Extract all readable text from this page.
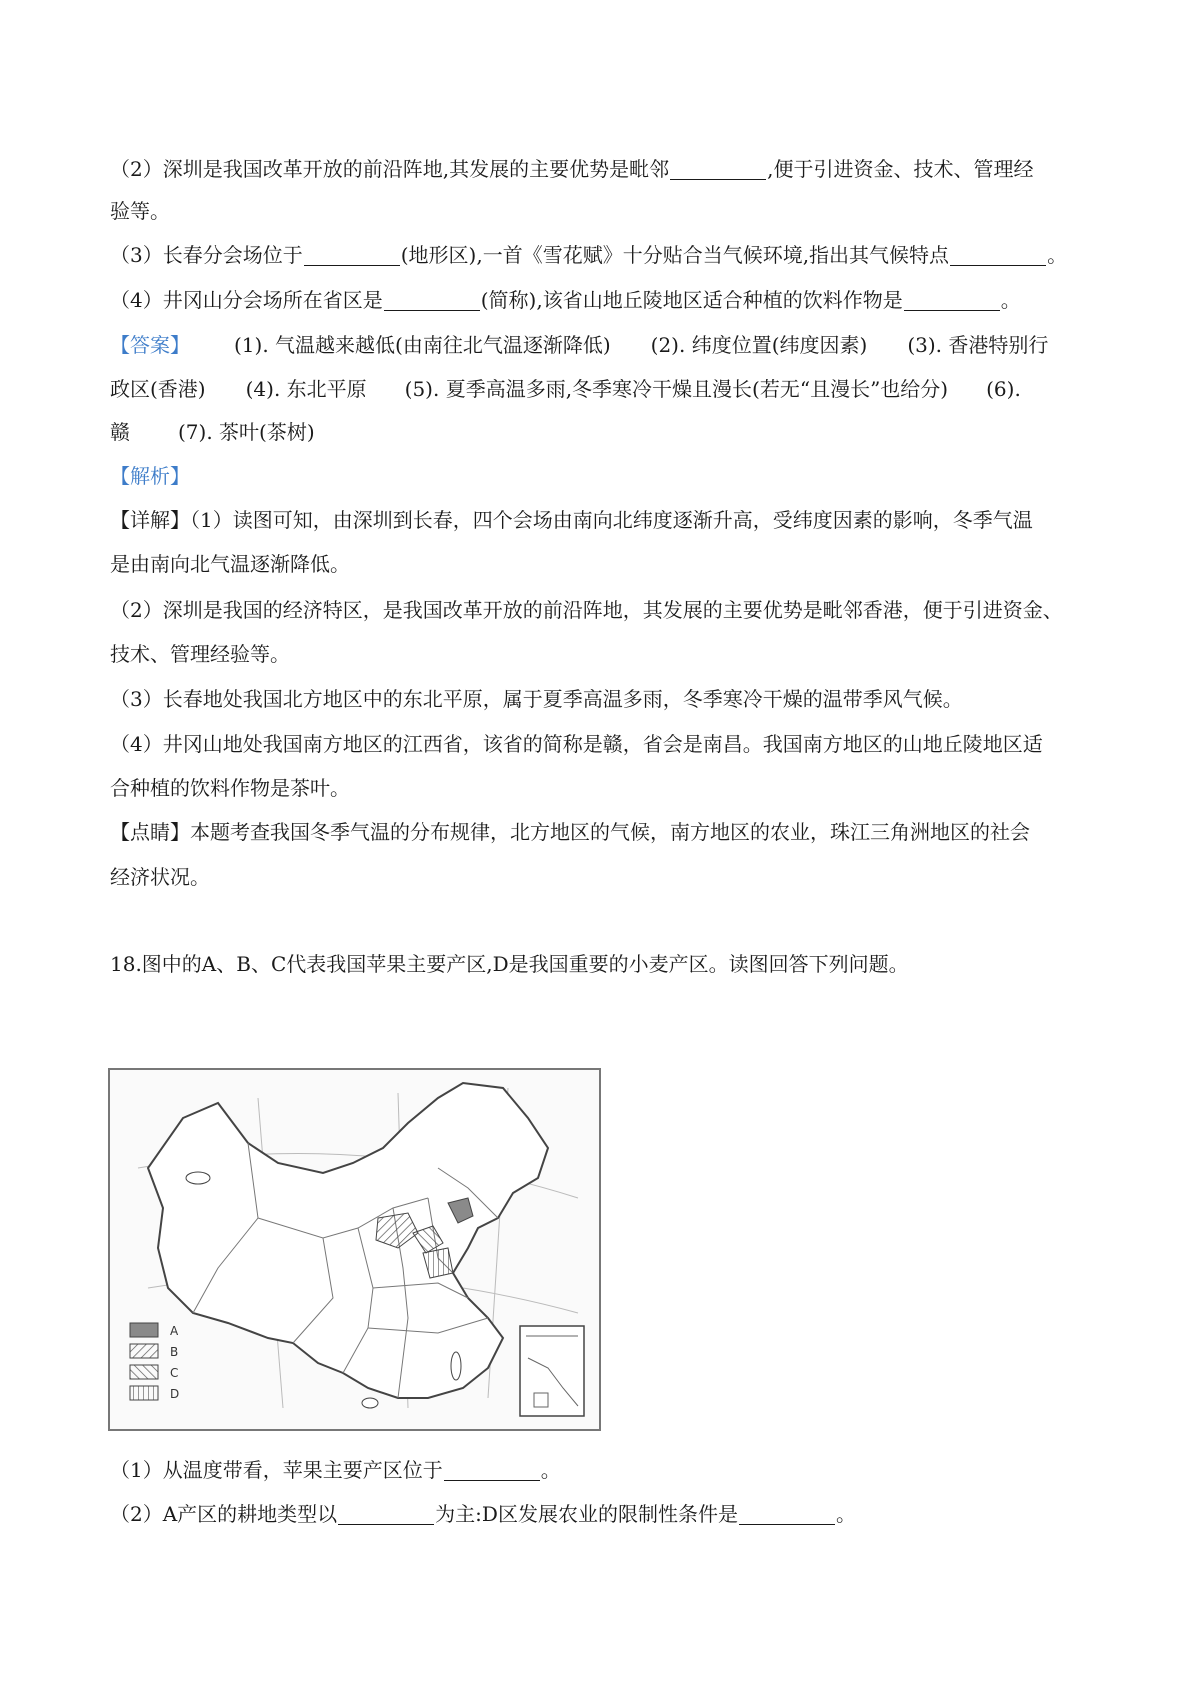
（2）深圳是我国改革开放的前沿阵地,其发展的主要优势是毗邻	,便于引进资金、技术、管理经
验等。
（3）长春分会场位于	(地形区),一首《雪花赋》十分贴合当气候环境,指出其气候特点	。
（4）井冈山分会场所在省区是	(简称),该省山地丘陵地区适合种植的饮料作物是	。
【答案】 (1). 气温越来越低(由南往北气温逐渐降低) (2). 纬度位置(纬度因素) (3). 香港特别行
政区(香港) (4). 东北平原 (5). 夏季高温多雨,冬季寒冷干燥且漫长(若无“且漫长”也给分) (6).
赣 (7). 茶叶(茶树)
【解析】
【详解】（1）读图可知，由深圳到长春，四个会场由南向北纬度逐渐升高，受纬度因素的影响，冬季气温
是由南向北气温逐渐降低。
（2）深圳是我国的经济特区，是我国改革开放的前沿阵地，其发展的主要优势是毗邻香港，便于引进资金、
技术、管理经验等。
（3）长春地处我国北方地区中的东北平原，属于夏季高温多雨，冬季寒冷干燥的温带季风气候。
（4）井冈山地处我国南方地区的江西省，该省的简称是赣，省会是南昌。我国南方地区的山地丘陵地区适
合种植的饮料作物是茶叶。
【点睛】本题考查我国冬季气温的分布规律，北方地区的气候，南方地区的农业，珠江三角洲地区的社会
经济状况。
18.图中的A、B、C代表我国苹果主要产区,D是我国重要的小麦产区。读图回答下列问题。
A
B
C
D
（1）从温度带看，苹果主要产区位于	。
（2）A产区的耕地类型以	为主:D区发展农业的限制性条件是	。
